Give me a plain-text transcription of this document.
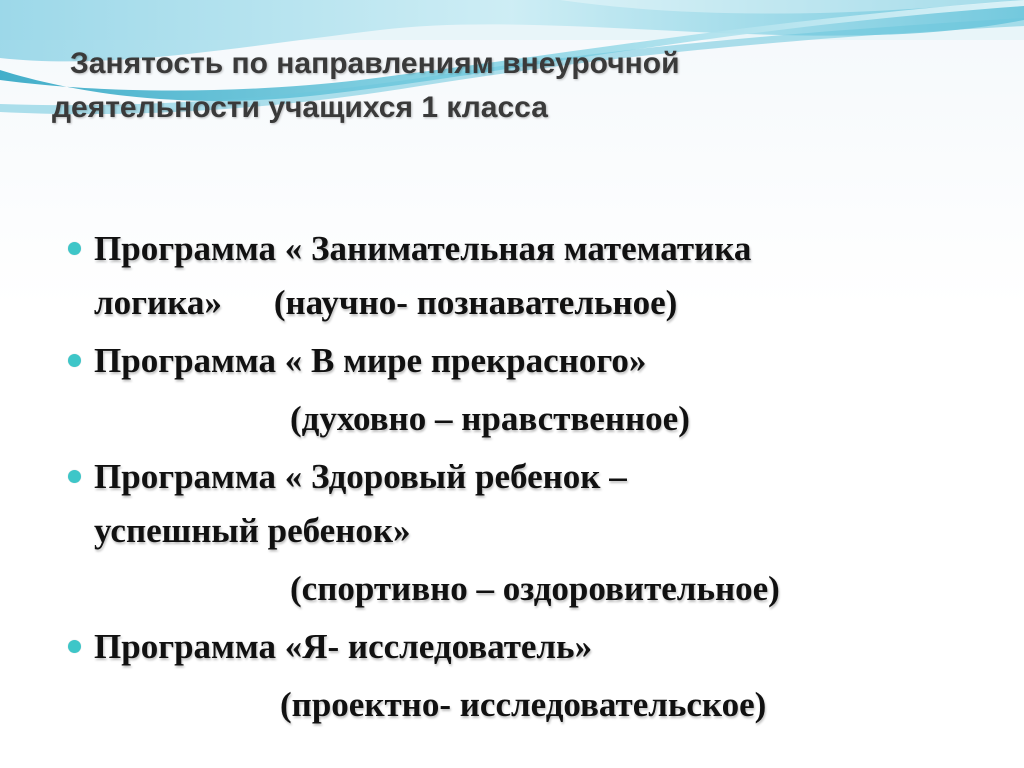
Занятость по направлениям внеурочной
деятельности учащихся 1 класса
Программа « Занимательная математика
логика» (научно- познавательное)
Программа « В мире прекрасного»
(духовно – нравственное)
Программа « Здоровый ребенок –
успешный ребенок»
(спортивно – оздоровительное)
Программа «Я- исследователь»
(проектно- исследовательское)
